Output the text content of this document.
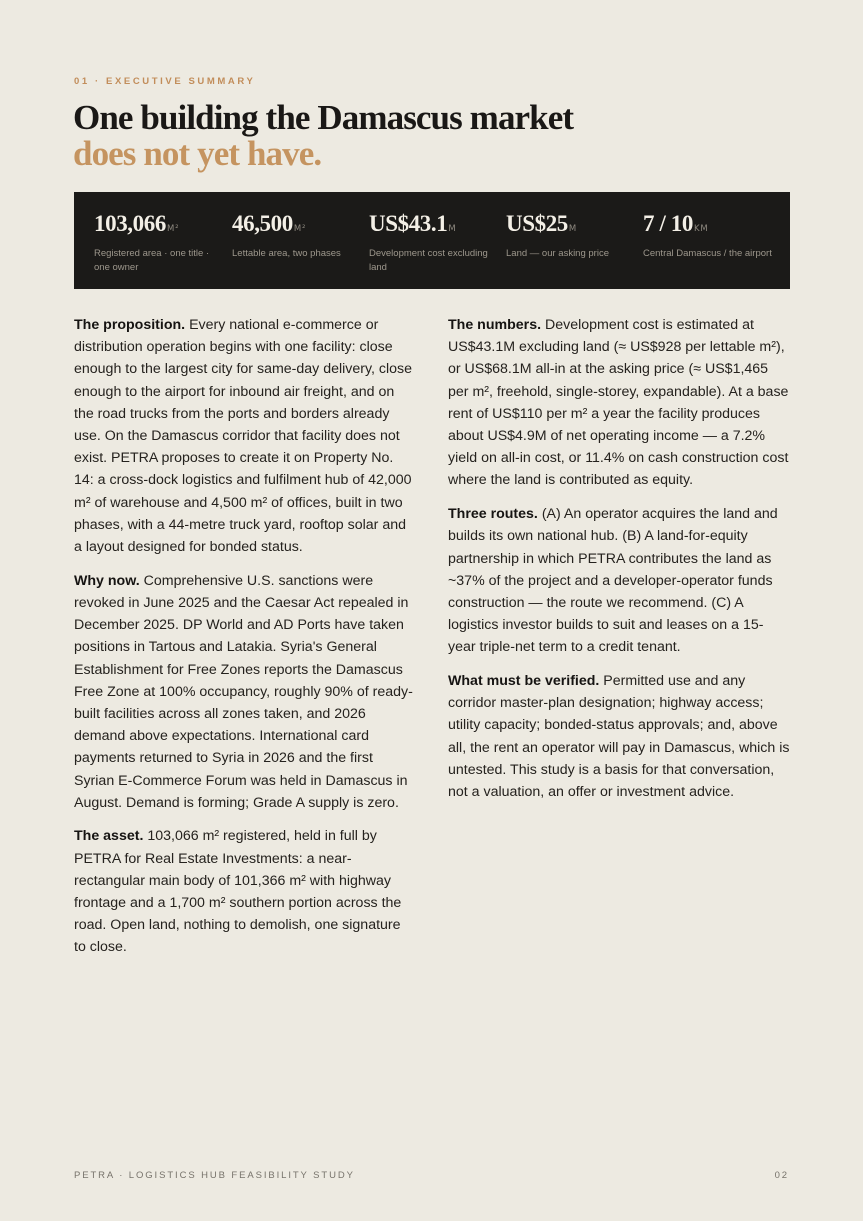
01 · EXECUTIVE SUMMARY
One building the Damascus market
does not yet have.
103,066M²
Registered area · one title · one owner
46,500M²
Lettable area, two phases
US$43.1M
Development cost excluding land
US$25M
Land — our asking price
7 / 10KM
Central Damascus / the airport

The proposition. Every national e-commerce or distribution operation begins with one facility: close enough to the largest city for same-day delivery, close enough to the airport for inbound air freight, and on the road trucks from the ports and borders already use. On the Damascus corridor that facility does not exist. PETRA proposes to create it on Property No. 14: a cross-dock logistics and fulfilment hub of 42,000 m² of warehouse and 4,500 m² of offices, built in two phases, with a 44-metre truck yard, rooftop solar and a layout designed for bonded status.

Why now. Comprehensive U.S. sanctions were revoked in June 2025 and the Caesar Act repealed in December 2025. DP World and AD Ports have taken positions in Tartous and Latakia. Syria's General Establishment for Free Zones reports the Damascus Free Zone at 100% occupancy, roughly 90% of ready-built facilities across all zones taken, and 2026 demand above expectations. International card payments returned to Syria in 2026 and the first Syrian E-Commerce Forum was held in Damascus in August. Demand is forming; Grade A supply is zero.

The asset. 103,066 m² registered, held in full by PETRA for Real Estate Investments: a near-rectangular main body of 101,366 m² with highway frontage and a 1,700 m² southern portion across the road. Open land, nothing to demolish, one signature to close.

The numbers. Development cost is estimated at US$43.1M excluding land (≈ US$928 per lettable m²), or US$68.1M all-in at the asking price (≈ US$1,465 per m², freehold, single-storey, expandable). At a base rent of US$110 per m² a year the facility produces about US$4.9M of net operating income — a 7.2% yield on all-in cost, or 11.4% on cash construction cost where the land is contributed as equity.

Three routes. (A) An operator acquires the land and builds its own national hub. (B) A land-for-equity partnership in which PETRA contributes the land as ~37% of the project and a developer-operator funds construction — the route we recommend. (C) A logistics investor builds to suit and leases on a 15-year triple-net term to a credit tenant.

What must be verified. Permitted use and any corridor master-plan designation; highway access; utility capacity; bonded-status approvals; and, above all, the rent an operator will pay in Damascus, which is untested. This study is a basis for that conversation, not a valuation, an offer or investment advice.

PETRA · LOGISTICS HUB FEASIBILITY STUDY	02
